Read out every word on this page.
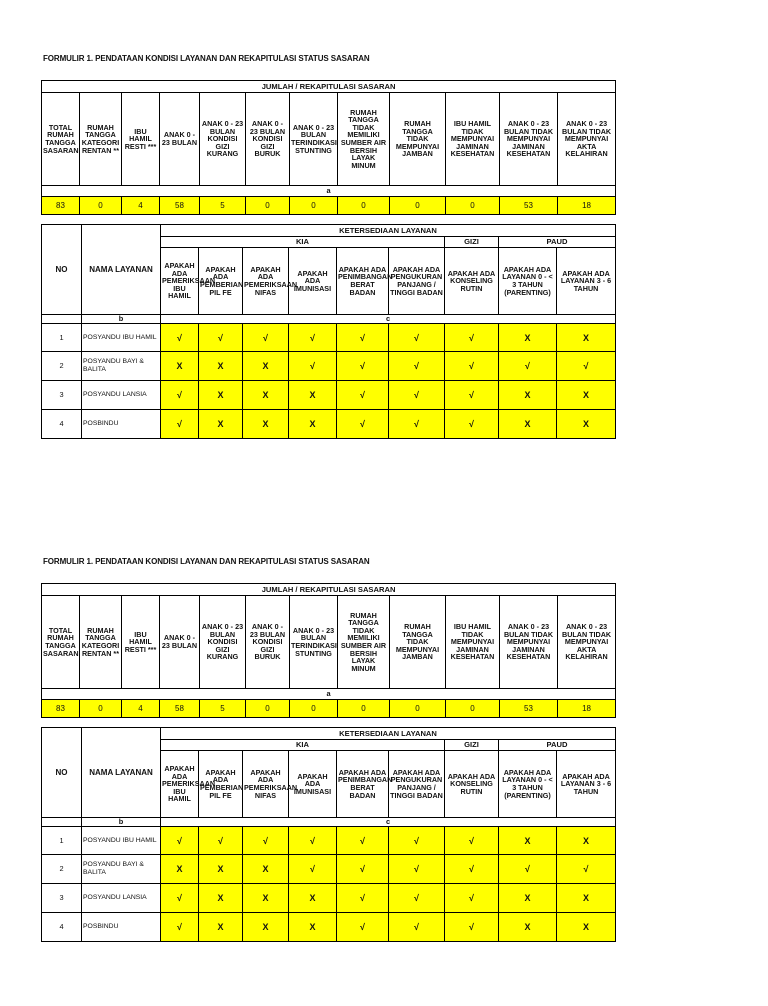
FORMULIR 1. PENDATAAN KONDISI LAYANAN DAN REKAPITULASI STATUS SASARAN
JUMLAH / REKAPITULASI SASARAN											
TOTAL RUMAH TANGGA SASARAN	RUMAH TANGGA KATEGORI RENTAN **	IBU HAMIL RESTI ***	ANAK 0 - 23 BULAN	ANAK 0 - 23 BULAN KONDISI GIZI KURANG	ANAK 0 - 23 BULAN KONDISI GIZI BURUK	ANAK 0 - 23 BULAN TERINDIKASI STUNTING	RUMAH TANGGA TIDAK MEMILIKI SUMBER AIR BERSIH LAYAK MINUM	RUMAH TANGGA TIDAK MEMPUNYAI JAMBAN	IBU HAMIL TIDAK MEMPUNYAI JAMINAN KESEHATAN	ANAK 0 - 23 BULAN TIDAK MEMPUNYAI JAMINAN KESEHATAN	ANAK 0 - 23 BULAN TIDAK MEMPUNYAI AKTA KELAHIRAN
a											
83	0	4	58	5	0	0	0	0	0	53	18
NO	NAMA LAYANAN	KETERSEDIAAN LAYANAN								
		KIA						GIZI	PAUD	
		APAKAH ADA PEMERIKSAAN IBU HAMIL	APAKAH ADA PEMBERIAN PIL FE	APAKAH ADA PEMERIKSAAN NIFAS	APAKAH ADA IMUNISASI	APAKAH ADA PENIMBANGAN BERAT BADAN	APAKAH ADA PENGUKURAN PANJANG / TINGGI BADAN	APAKAH ADA KONSELING RUTIN	APAKAH ADA LAYANAN 0 - < 3 TAHUN (PARENTING)	APAKAH ADA LAYANAN 3 - 6 TAHUN
	b	c								
1	POSYANDU IBU HAMIL	√	√	√	√	√	√	√	X	X
2	POSYANDU BAYI & BALITA	X	X	X	√	√	√	√	√	√
3	POSYANDU LANSIA	√	X	X	X	√	√	√	X	X
4	POSBINDU	√	X	X	X	√	√	√	X	X
FORMULIR 1. PENDATAAN KONDISI LAYANAN DAN REKAPITULASI STATUS SASARAN
JUMLAH / REKAPITULASI SASARAN											
TOTAL RUMAH TANGGA SASARAN	RUMAH TANGGA KATEGORI RENTAN **	IBU HAMIL RESTI ***	ANAK 0 - 23 BULAN	ANAK 0 - 23 BULAN KONDISI GIZI KURANG	ANAK 0 - 23 BULAN KONDISI GIZI BURUK	ANAK 0 - 23 BULAN TERINDIKASI STUNTING	RUMAH TANGGA TIDAK MEMILIKI SUMBER AIR BERSIH LAYAK MINUM	RUMAH TANGGA TIDAK MEMPUNYAI JAMBAN	IBU HAMIL TIDAK MEMPUNYAI JAMINAN KESEHATAN	ANAK 0 - 23 BULAN TIDAK MEMPUNYAI JAMINAN KESEHATAN	ANAK 0 - 23 BULAN TIDAK MEMPUNYAI AKTA KELAHIRAN
a											
83	0	4	58	5	0	0	0	0	0	53	18
NO	NAMA LAYANAN	KETERSEDIAAN LAYANAN								
		KIA						GIZI	PAUD	
		APAKAH ADA PEMERIKSAAN IBU HAMIL	APAKAH ADA PEMBERIAN PIL FE	APAKAH ADA PEMERIKSAAN NIFAS	APAKAH ADA IMUNISASI	APAKAH ADA PENIMBANGAN BERAT BADAN	APAKAH ADA PENGUKURAN PANJANG / TINGGI BADAN	APAKAH ADA KONSELING RUTIN	APAKAH ADA LAYANAN 0 - < 3 TAHUN (PARENTING)	APAKAH ADA LAYANAN 3 - 6 TAHUN
	b	c								
1	POSYANDU IBU HAMIL	√	√	√	√	√	√	√	X	X
2	POSYANDU BAYI & BALITA	X	X	X	√	√	√	√	√	√
3	POSYANDU LANSIA	√	X	X	X	√	√	√	X	X
4	POSBINDU	√	X	X	X	√	√	√	X	X
